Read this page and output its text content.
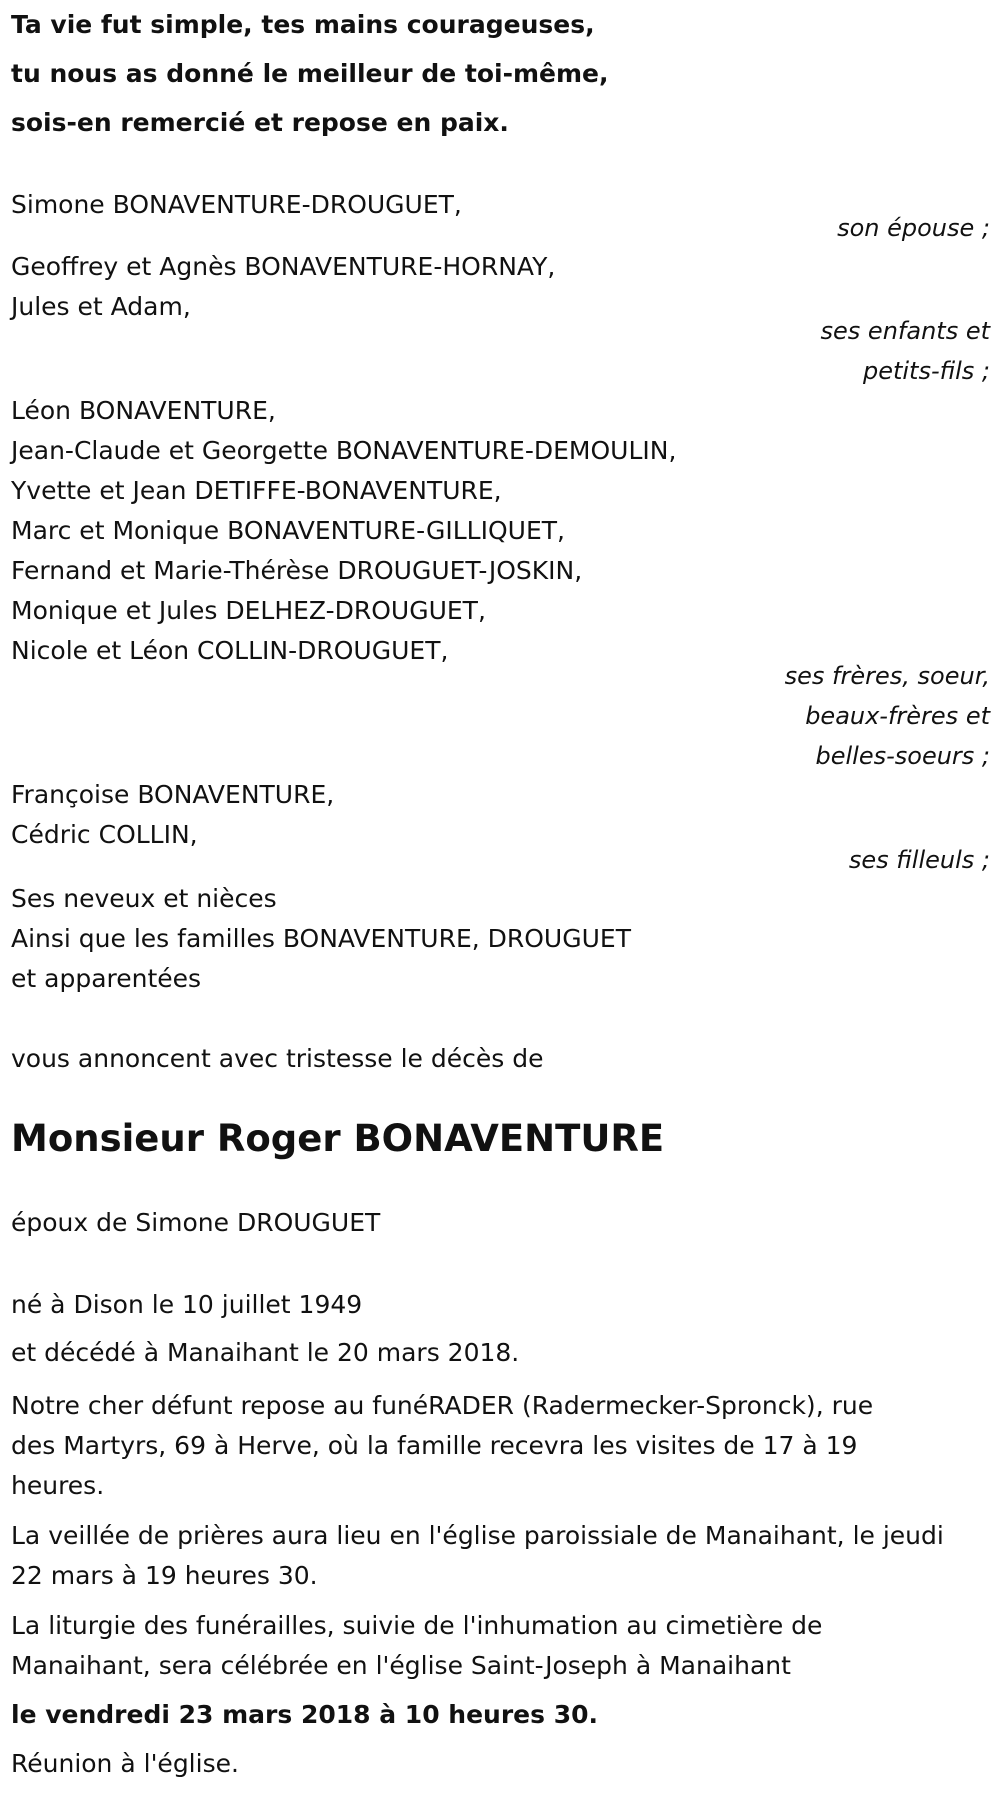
Ta vie fut simple, tes mains courageuses,
tu nous as donné le meilleur de toi-même,
sois-en remercié et repose en paix.
Simone BONAVENTURE-DROUGUET,
son épouse ;
Geoffrey et Agnès BONAVENTURE-HORNAY,
Jules et Adam,
ses enfants et
petits-fils ;
Léon BONAVENTURE,
Jean-Claude et Georgette BONAVENTURE-DEMOULIN,
Yvette et Jean DETIFFE-BONAVENTURE,
Marc et Monique BONAVENTURE-GILLIQUET,
Fernand et Marie-Thérèse DROUGUET-JOSKIN,
Monique et Jules DELHEZ-DROUGUET,
Nicole et Léon COLLIN-DROUGUET,
ses frères, soeur,
beaux-frères et
belles-soeurs ;
Françoise BONAVENTURE,
Cédric COLLIN,
ses filleuls ;
Ses neveux et nièces
Ainsi que les familles BONAVENTURE, DROUGUET
et apparentées
vous annoncent avec tristesse le décès de
Monsieur Roger BONAVENTURE
époux de Simone DROUGUET
né à Dison le 10 juillet 1949
et décédé à Manaihant le 20 mars 2018.
Notre cher défunt repose au funéRADER (Radermecker-Spronck), rue
des Martyrs, 69 à Herve, où la famille recevra les visites de 17 à 19
heures.
La veillée de prières aura lieu en l'église paroissiale de Manaihant, le jeudi
22 mars à 19 heures 30.
La liturgie des funérailles, suivie de l'inhumation au cimetière de
Manaihant, sera célébrée en l'église Saint-Joseph à Manaihant
le vendredi 23 mars 2018 à 10 heures 30.
Réunion à l'église.
